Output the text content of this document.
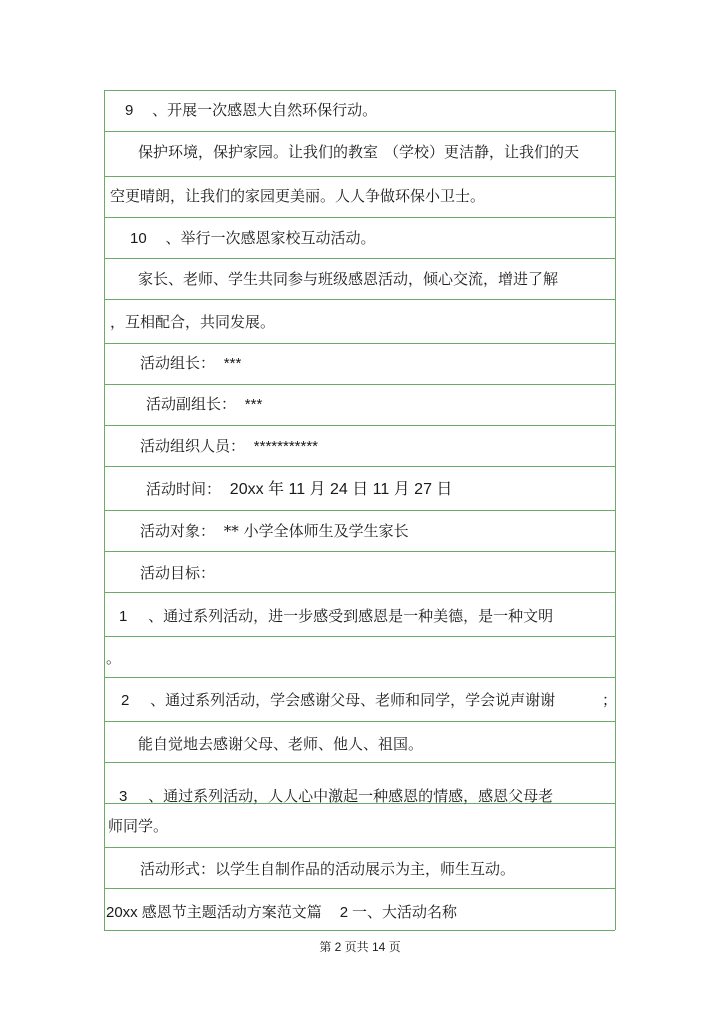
9 、开展一次感恩大自然环保行动。
保护环境，保护家园。让我们的教室 （学校）更洁静，让我们的天
空更晴朗，让我们的家园更美丽。人人争做环保小卫士。
10 、举行一次感恩家校互动活动。
家长、老师、学生共同参与班级感恩活动，倾心交流，增进了解
，互相配合，共同发展。
活动组长： ***
活动副组长： ***
活动组织人员： ***********
活动时间： 20xx 年 11 月 24 日 11 月 27 日
活动对象： ** 小学全体师生及学生家长
活动目标：
1 、通过系列活动，进一步感受到感恩是一种美德，是一种文明
。
2 、通过系列活动，学会感谢父母、老师和同学，学会说声谢谢	；
能自觉地去感谢父母、老师、他人、祖国。
3 、通过系列活动，人人心中激起一种感恩的情感，感恩父母老
师同学。
活动形式：以学生自制作品的活动展示为主，师生互动。
20xx 感恩节主题活动方案范文篇 2 一、大活动名称
第 2 页共 14 页
